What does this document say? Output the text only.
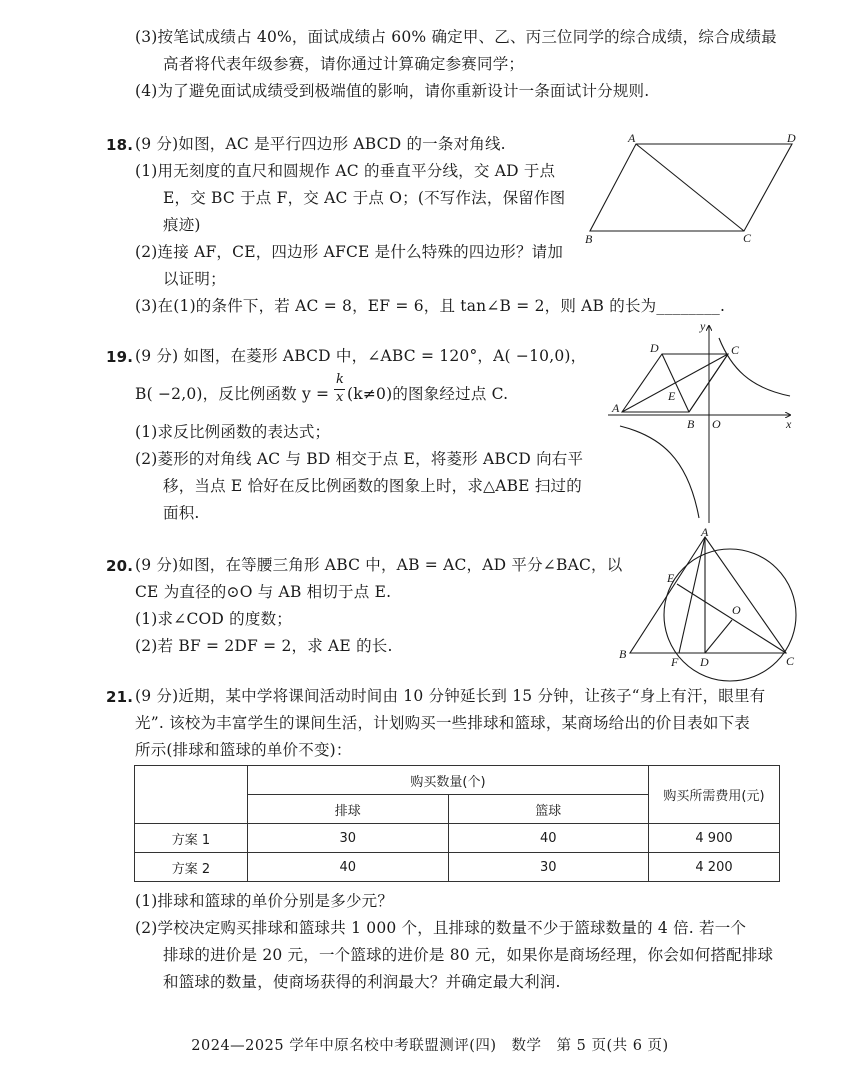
(3)按笔试成绩占 40%，面试成绩占 60% 确定甲、乙、丙三位同学的综合成绩，综合成绩最
高者将代表年级参赛，请你通过计算确定参赛同学；
(4)为了避免面试成绩受到极端值的影响，请你重新设计一条面试计分规则.
18. (9 分)如图，AC 是平行四边形 ABCD 的一条对角线.
(1)用无刻度的直尺和圆规作 AC 的垂直平分线，交 AD 于点
E，交 BC 于点 F，交 AC 于点 O；(不写作法，保留作图
痕迹)
(2)连接 AF，CE，四边形 AFCE 是什么特殊的四边形？请加
以证明；
(3)在(1)的条件下，若 AC = 8，EF = 6，且 tan∠B = 2，则 AB 的长为________.
A	D
B	C
19. (9 分) 如图，在菱形 ABCD 中，∠ABC = 120°，A( −10,0)，
B( −2,0)，反比例函数 y =
k
x (k≠0)的图象经过点 C.
(1)求反比例函数的表达式；
(2)菱形的对角线 AC 与 BD 相交于点 E，将菱形 ABCD 向右平
移，当点 E 恰好在反比例函数的图象上时，求△ABE 扫过的
面积.
D	C
E
A
B O	x
y
20. (9 分)如图，在等腰三角形 ABC 中，AB = AC，AD 平分∠BAC，以
CE 为直径的⊙O 与 AB 相切于点 E.
(1)求∠COD 的度数；
(2)若 BF = 2DF = 2，求 AE 的长.
A
E
O
B
F D	C
21. (9 分)近期，某中学将课间活动时间由 10 分钟延长到 15 分钟，让孩子“身上有汗，眼里有
光”. 该校为丰富学生的课间生活，计划购买一些排球和篮球，某商场给出的价目表如下表
所示(排球和篮球的单价不变)：
	购买数量(个)		购买所需费用(元)
	排球	篮球	
方案 1	30	40	4 900
方案 2	40	30	4 200
(1)排球和篮球的单价分别是多少元？
(2)学校决定购买排球和篮球共 1 000 个，且排球的数量不少于篮球数量的 4 倍. 若一个
排球的进价是 20 元，一个篮球的进价是 80 元，如果你是商场经理，你会如何搭配排球
和篮球的数量，使商场获得的利润最大？并确定最大利润.
2024—2025 学年中原名校中考联盟测评(四)　数学　第 5 页(共 6 页)
